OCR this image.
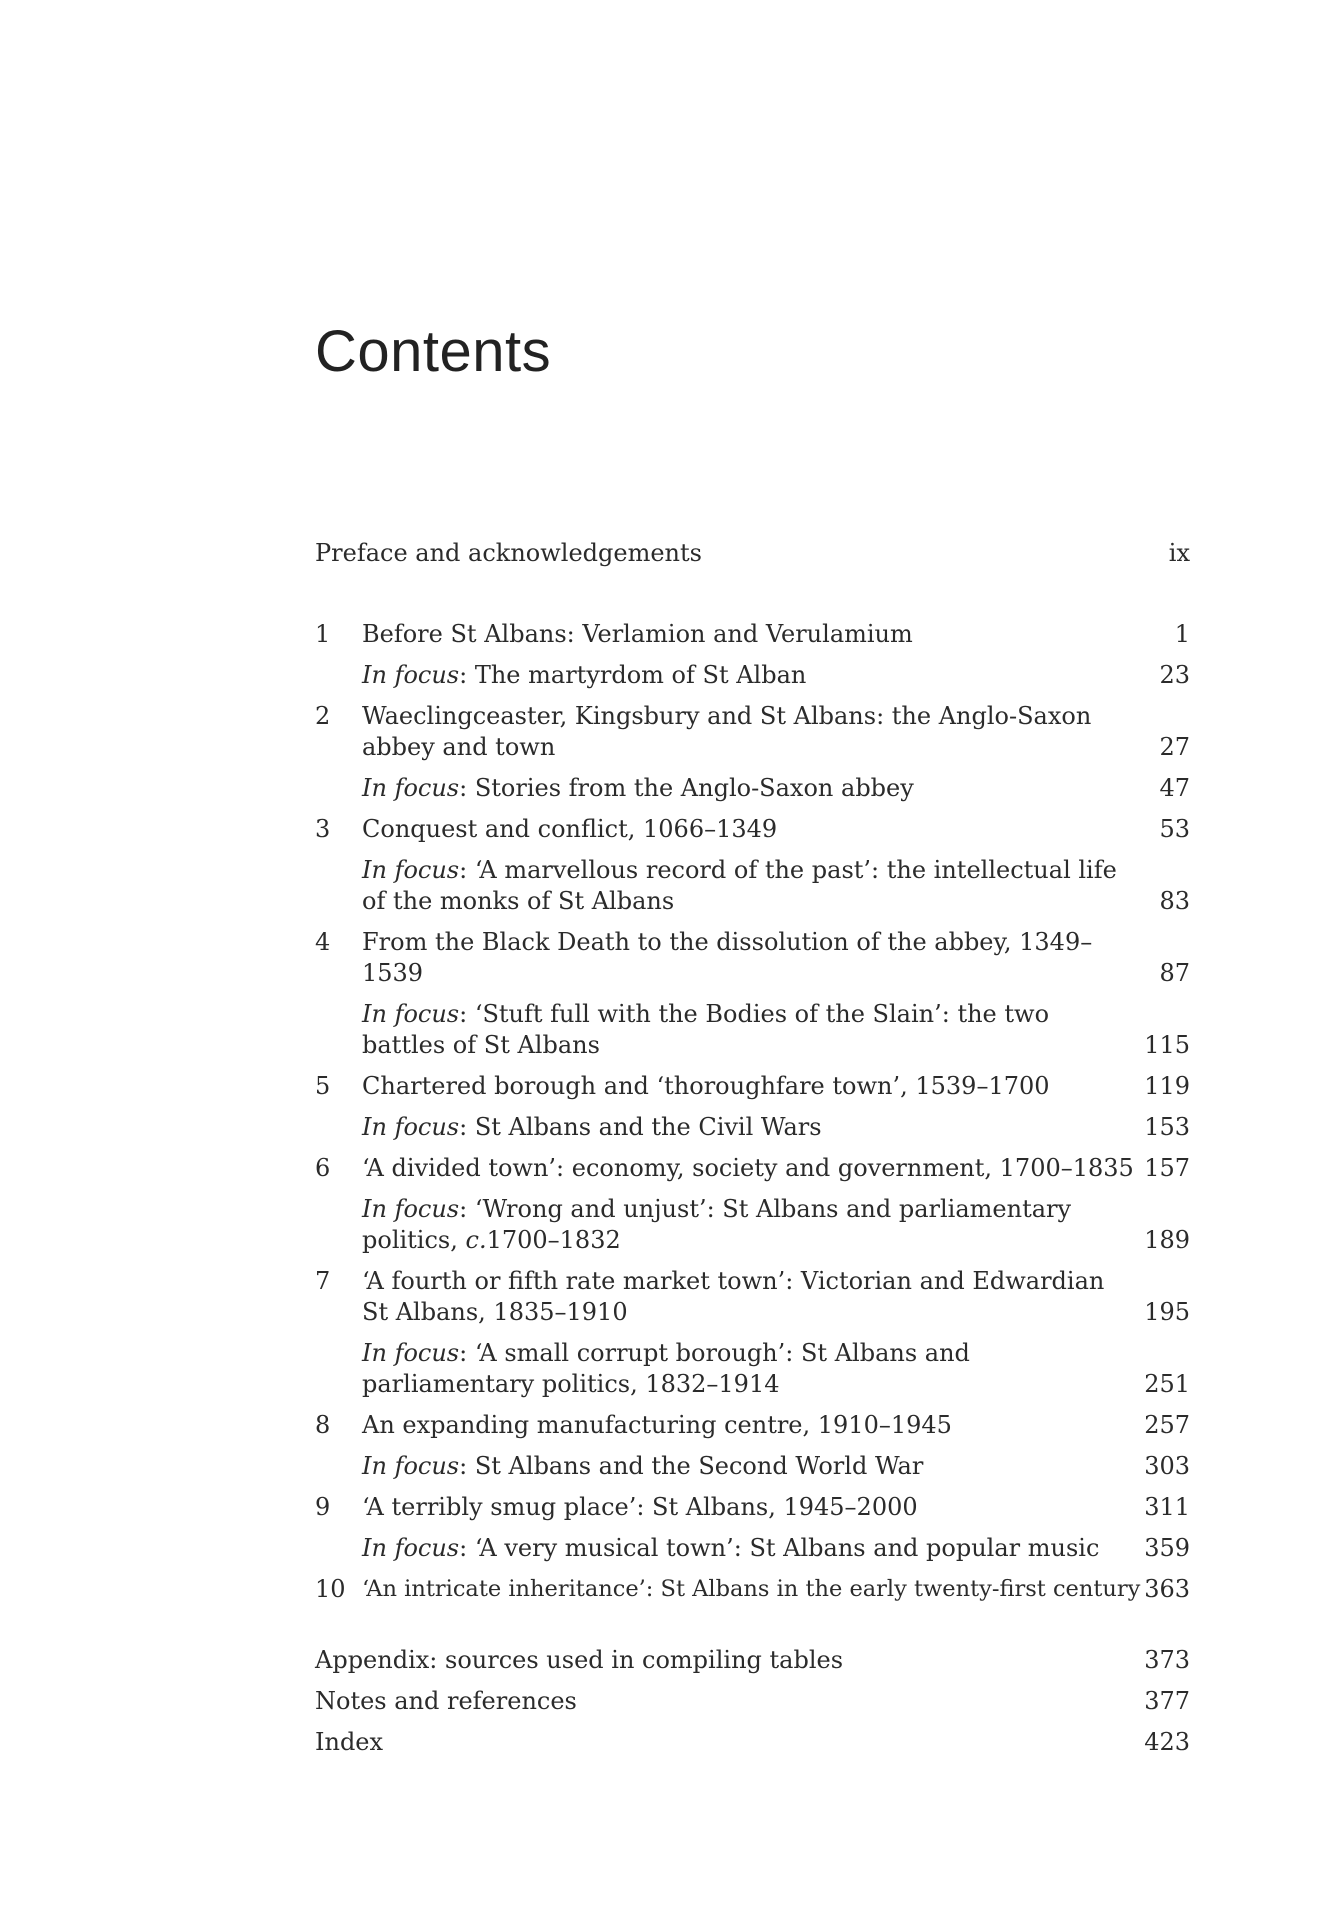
Contents
Preface and acknowledgements	ix
1 Before St Albans: Verlamion and Verulamium	1
In focus: The martyrdom of St Alban	23
2 Waeclingceaster, Kingsbury and St Albans: the Anglo-Saxon abbey and town	27
In focus: Stories from the Anglo-Saxon abbey	47
3 Conquest and conflict, 1066–1349	53
In focus: ‘A marvellous record of the past’: the intellectual life of the monks of St Albans	83
4 From the Black Death to the dissolution of the abbey, 1349–1539	87
In focus: ‘Stuft full with the Bodies of the Slain’: the two battles of St Albans	115
5 Chartered borough and ‘thoroughfare town’, 1539–1700	119
In focus: St Albans and the Civil Wars	153
6 ‘A divided town’: economy, society and government, 1700–1835 157
In focus: ‘Wrong and unjust’: St Albans and parliamentary politics, c.1700–1832	189
7 ‘A fourth or fifth rate market town’: Victorian and Edwardian St Albans, 1835–1910	195
In focus: ‘A small corrupt borough’: St Albans and parliamentary politics, 1832–1914	251
8 An expanding manufacturing centre, 1910–1945	257
In focus: St Albans and the Second World War	303
9 ‘A terribly smug place’: St Albans, 1945–2000	311
In focus: ‘A very musical town’: St Albans and popular music	359
10 ‘An intricate inheritance’: St Albans in the early twenty-first century 363
Appendix: sources used in compiling tables	373
Notes and references	377
Index	423
